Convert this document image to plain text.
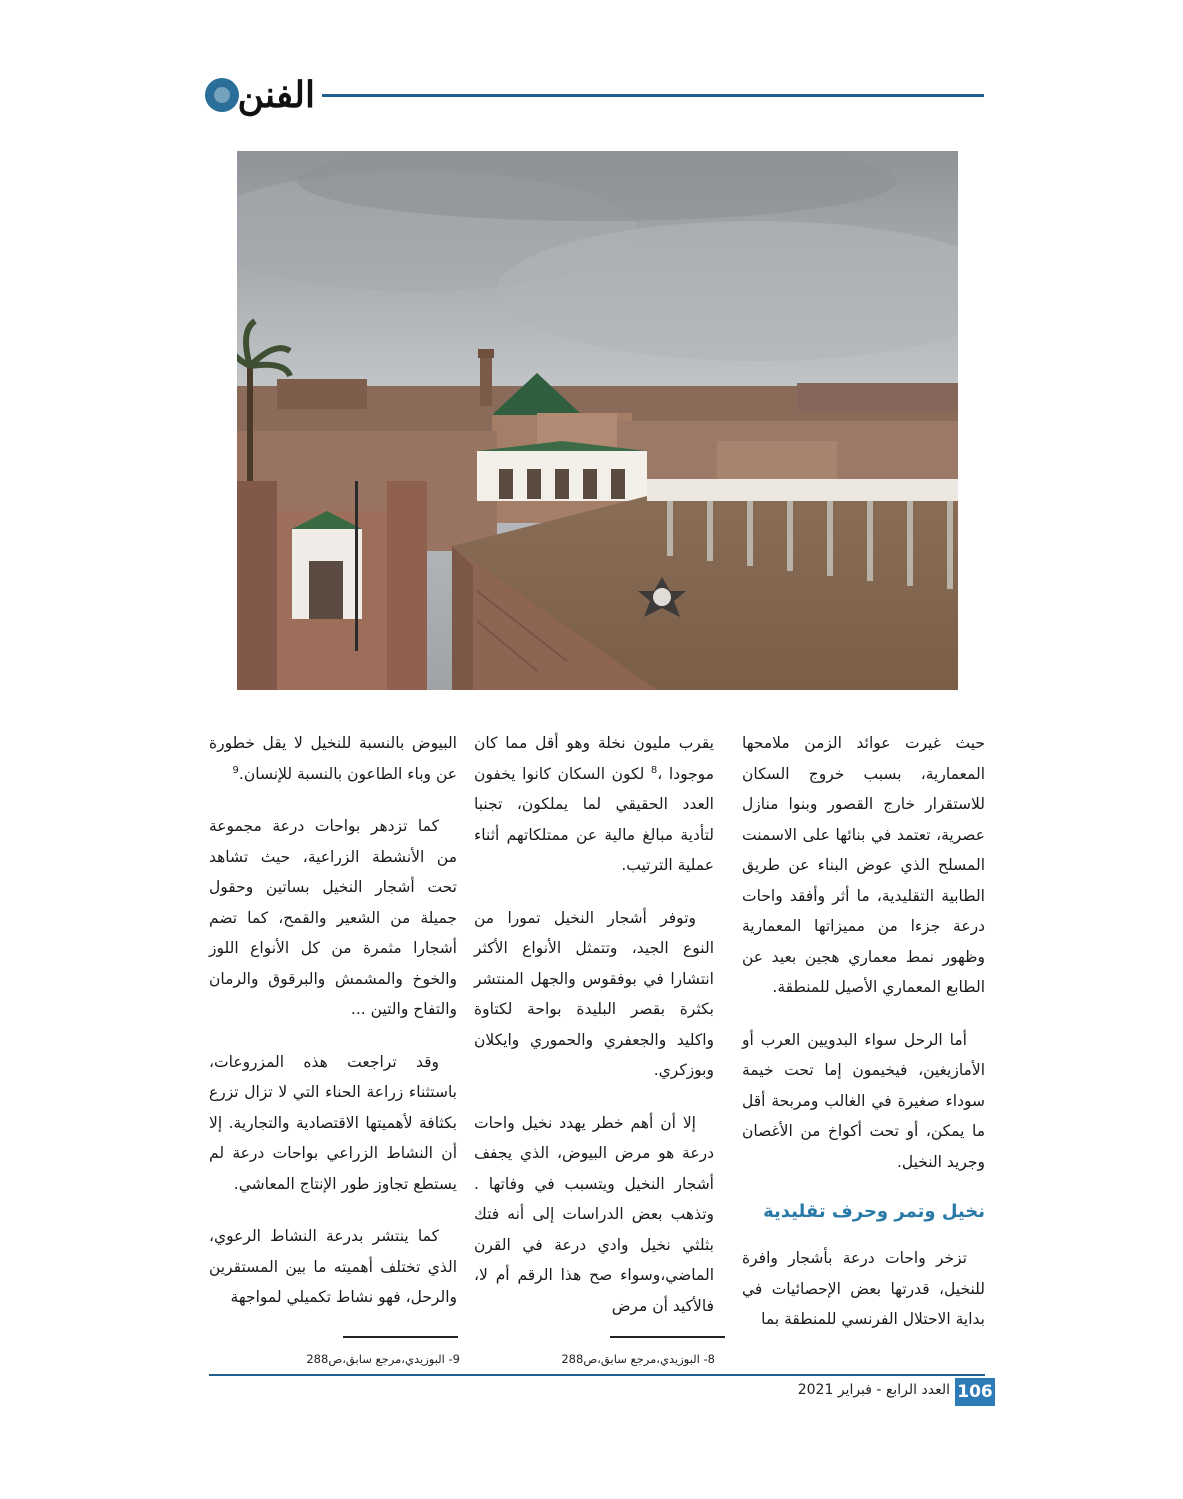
الفنن

حيث غيرت عوائد الزمن ملامحها المعمارية، بسبب خروج السكان للاستقرار خارج القصور وبنوا منازل عصرية، تعتمد في بنائها على الاسمنت المسلح الذي عوض البناء عن طريق الطابية التقليدية، ما أثر وأفقد واحات درعة جزءا من مميزاتها المعمارية وظهور نمط معماري هجين بعيد عن الطابع المعماري الأصيل للمنطقة.

أما الرحل سواء البدويين العرب أو الأمازيغين، فيخيمون إما تحت خيمة سوداء صغيرة في الغالب ومربحة أقل ما يمكن، أو تحت أكواخ من الأغصان وجريد النخيل.

نخيل وتمر وحرف تقليدية

تزخر واحات درعة بأشجار وافرة للنخيل، قدرتها بعض الإحصائيات في بداية الاحتلال الفرنسي للمنطقة بما

يقرب مليون نخلة وهو أقل مما كان موجودا ،$^8$ لكون السكان كانوا يخفون العدد الحقيقي لما يملكون، تجنبا لتأدية مبالغ مالية عن ممتلكاتهم أثناء عملية الترتيب.

وتوفر أشجار النخيل تمورا من النوع الجيد، وتتمثل الأنواع الأكثر انتشارا في بوفقوس والجهل المنتشر بكثرة بقصر البليدة بواحة لكتاوة واكليد والجعفري والحموري وايكلان وبوزكري.

إلا أن أهم خطر يهدد نخيل واحات درعة هو مرض البيوض، الذي يجفف أشجار النخيل ويتسبب في وفاتها . وتذهب بعض الدراسات إلى أنه فتك بثلثي نخيل وادي درعة في القرن الماضي،وسواء صح هذا الرقم أم لا، فالأكيد أن مرض

البيوض بالنسبة للنخيل لا يقل خطورة عن وباء الطاعون بالنسبة للإنسان.$^9$

كما تزدهر بواحات درعة مجموعة من الأنشطة الزراعية، حيث تشاهد تحت أشجار النخيل بساتين وحقول جميلة من الشعير والقمح، كما تضم أشجارا مثمرة من كل الأنواع اللوز والخوخ والمشمش والبرقوق والرمان والتفاح والتين ...

وقد تراجعت هذه المزروعات، باستثناء زراعة الحناء التي لا تزال تزرع بكثافة لأهميتها الاقتصادية والتجارية. إلا أن النشاط الزراعي بواحات درعة لم يستطع تجاوز طور الإنتاج المعاشي.

كما ينتشر بدرعة النشاط الرعوي، الذي تختلف أهميته ما بين المستقرين والرحل، فهو نشاط تكميلي لمواجهة

8- البوزيدي،مرجع سابق،ص288
9- البوزيدي،مرجع سابق،ص288
106
العدد الرابع - فبراير 2021
